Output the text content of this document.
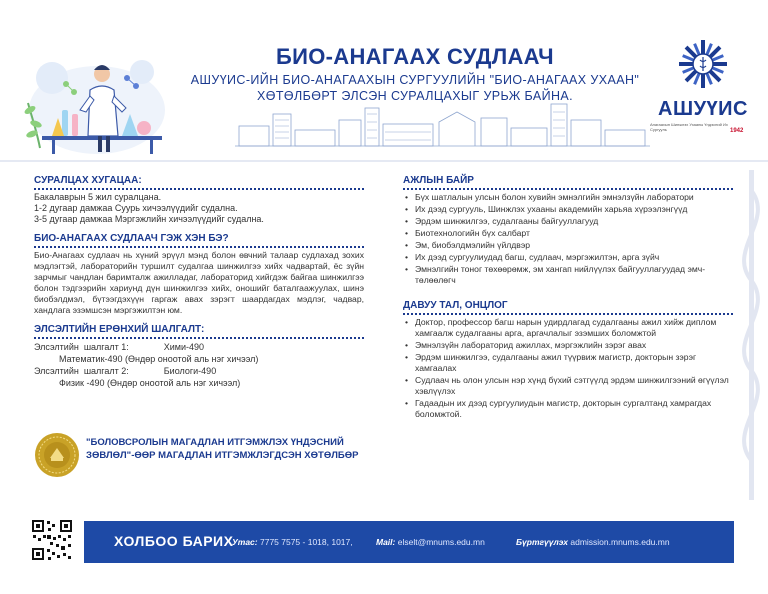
БИО-АНАГААХ СУДЛААЧ
АШУҮИС-ИЙН БИО-АНАГААХЫН СУРГУУЛИЙН "БИО-АНАГААХ УХААН"
ХӨТӨЛБӨРТ ЭЛСЭН СУРАЛЦАХЫГ УРЬЖ БАЙНА.
АШУҮИС
Анагаахын Шинжлэх Ухааны Үндэсний Их Сургууль	1942
СУРАЛЦАХ ХУГАЦАА:
Бакалаврын 5 жил суралцана.
1-2 дугаар дамжаа Суурь хичээлүүдийг судална.
3-5 дугаар дамжаа Мэргэжлийн хичээлүүдийг судална.
БИО-АНАГААХ СУДЛААЧ ГЭЖ ХЭН БЭ?
Био-Анагаах судлаач нь хүний эрүүл мэнд болон өвчний талаар судлахад зохих мэдлэгтэй, лабораторийн туршилт судалгаа шинжилгээ хийх чадвартай, ёс зүйн зарчмыг чандлан баримталж ажилладаг, лабораторид хийгдэж байгаа шинжилгээ болон тэдгээрийн хариунд дүн шинжилгээ хийх, оношийг баталгаажуулах, шинэ биобэлдмэл, бүтээгдэхүүн гаргаж авах зэрэгт шаардагдах мэдлэг, чадвар, хандлага эзэмшсэн мэргэжилтэн юм.
ЭЛСЭЛТИЙН ЕРӨНХИЙ ШАЛГАЛТ:
Элсэлтийн  шалгалт 1:              Хими-490
Математик-490 (Өндөр оноотой аль нэг хичээл)
Элсэлтийн  шалгалт 2:              Биологи-490
Физик -490 (Өндөр оноотой аль нэг хичээл)
"БОЛОВСРОЛЫН МАГАДЛАН ИТГЭМЖЛЭХ ҮНДЭСНИЙ
ЗӨВЛӨЛ"-ӨӨР МАГАДЛАН ИТГЭМЖЛЭГДСЭН ХӨТӨЛБӨР
АЖЛЫН БАЙР
• Бүх шатлалын улсын болон хувийн эмнэлгийн эмнэлзүйн лаборатори
• Их дээд сургууль, Шинжлэх ухааны академийн харьяа хүрээлэнгүүд
• Эрдэм шинжилгээ, судалгааны байгууллагууд
• Биотехнологийн бүх салбарт
• Эм, биобэлдмэлийн үйлдвэр
• Их дээд сургуулиудад багш, судлаач, мэргэжилтэн, арга зүйч
• Эмнэлгийн тоног төхөөрөмж, эм хангап нийлүүлэх байгууллагуудад эмч- төлөөлөгч
ДАВУУ ТАЛ, ОНЦЛОГ
• Доктор, профессор багш нарын удирдлагад судалгааны ажил хийж диплом хамгаалж судалгааны арга, аргачлалыг эзэмших боломжтой
• Эмнэлзүйн лабораторид ажиллах, мэргэжлийн зэрэг авах
• Эрдэм шинжилгээ, судалгааны ажил түүрвиж магистр, докторын зэрэг хамгаалах
• Судлаач нь олон улсын нэр хүнд бүхий сэтгүүлд эрдэм шинжилгээний өгүүлэл хэвлүүлэх
• Гадаадын их дээд сургуулиудын магистр, докторын сургалтанд хамрагдах боломжтой.
ХОЛБОО БАРИХ
Утас: 7775 7575 - 1018, 1017,	Mail: elselt@mnums.edu.mn	Бүртгүүлэх admission.mnums.edu.mn
